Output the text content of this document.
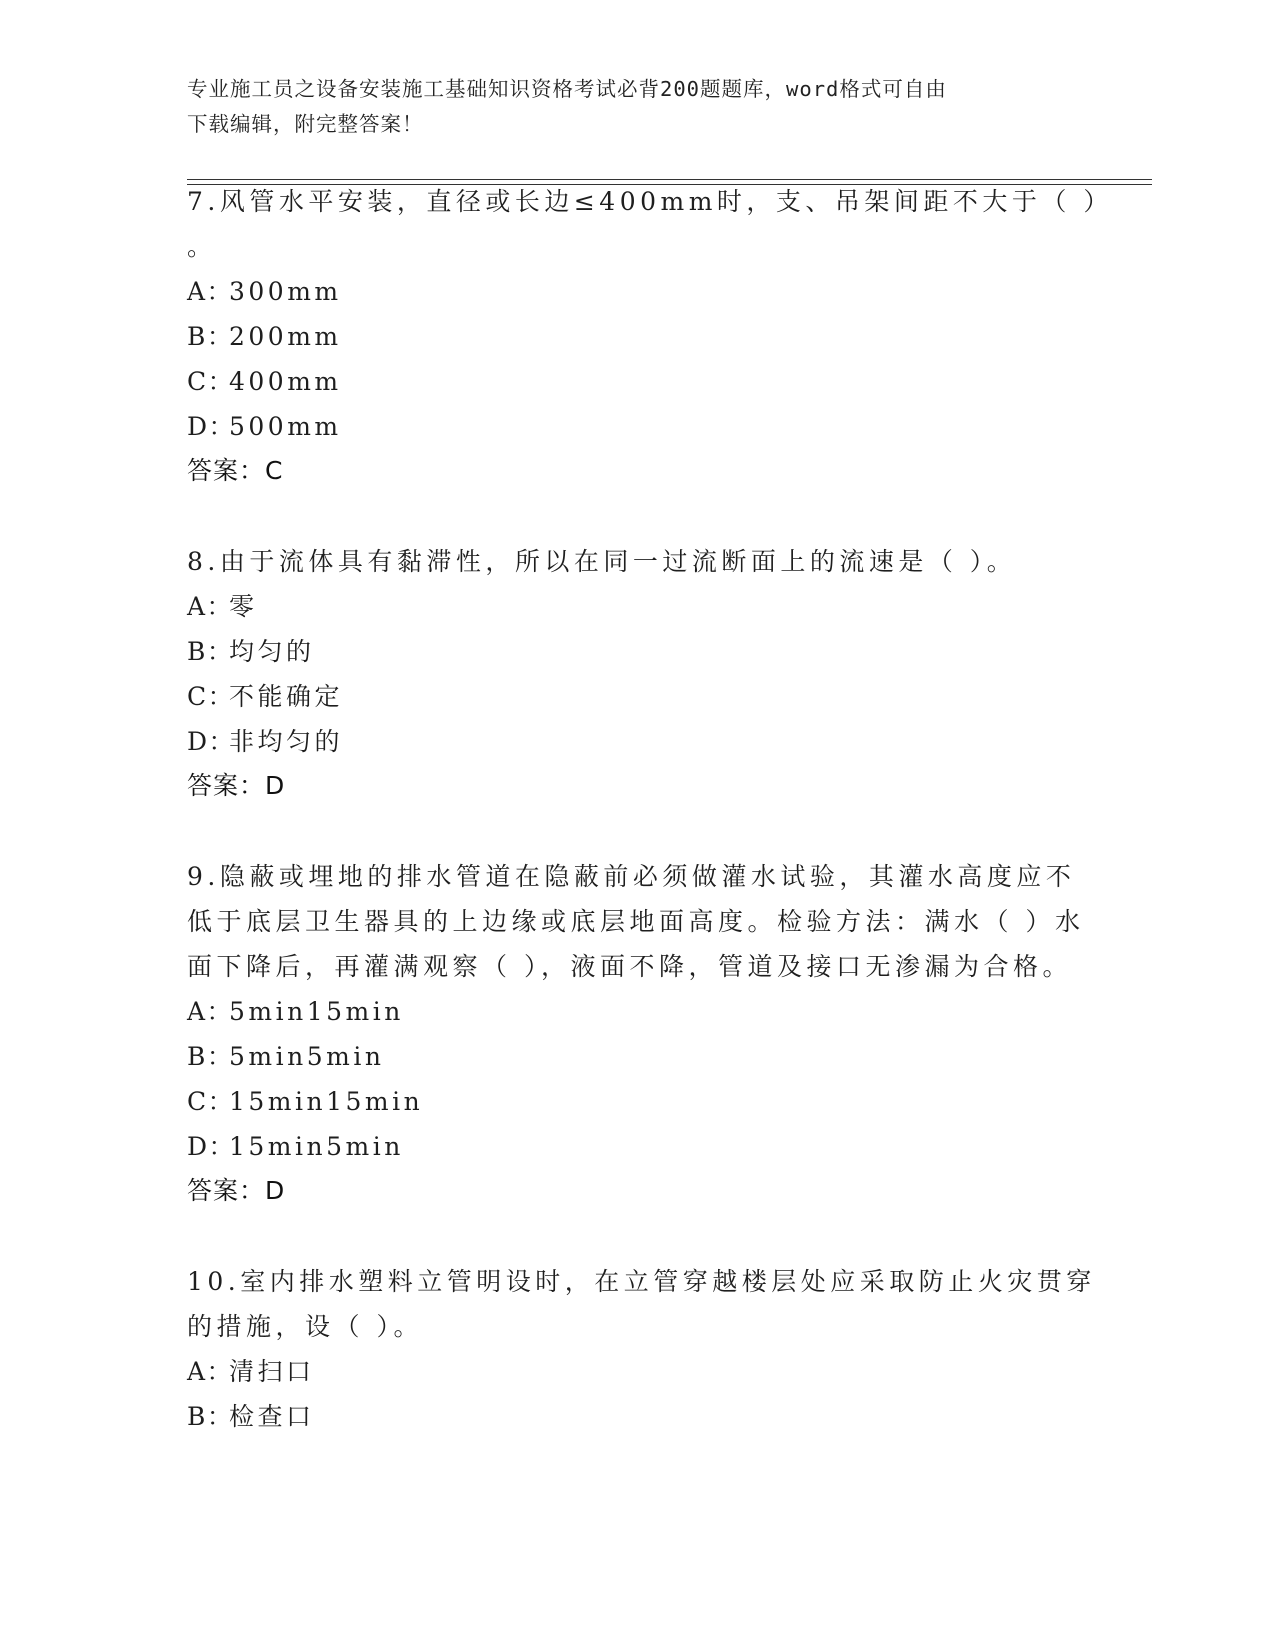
专业施工员之设备安装施工基础知识资格考试必背200题题库，word格式可自由
下载编辑，附完整答案！
7.风管水平安装，直径或长边≤400mm时，支、吊架间距不大于（ ）
。
A：300mm
B：200mm
C：400mm
D：500mm
答案：C
8.由于流体具有黏滞性，所以在同一过流断面上的流速是（ ）。
A：零
B：均匀的
C：不能确定
D：非均匀的
答案：D
9.隐蔽或埋地的排水管道在隐蔽前必须做灌水试验，其灌水高度应不
低于底层卫生器具的上边缘或底层地面高度。检验方法：满水（ ）水
面下降后，再灌满观察（ ），液面不降，管道及接口无渗漏为合格。
A：5min15min
B：5min5min
C：15min15min
D：15min5min
答案：D
10.室内排水塑料立管明设时，在立管穿越楼层处应采取防止火灾贯穿
的措施，设（ ）。
A：清扫口
B：检查口
